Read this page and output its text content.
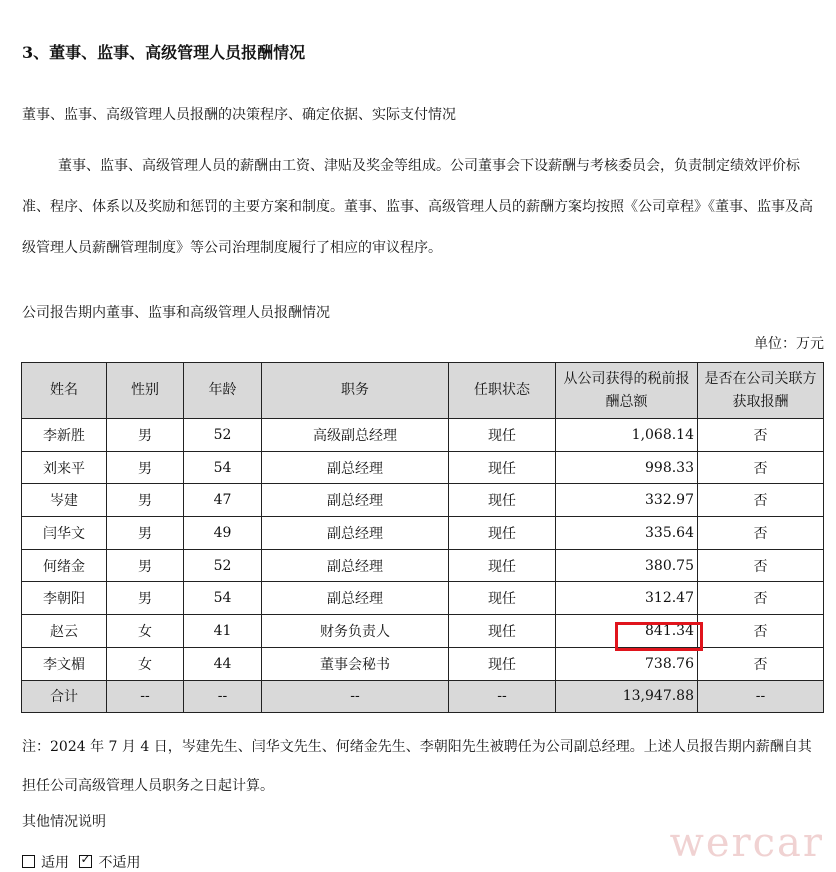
3、董事、监事、高级管理人员报酬情况
董事、监事、高级管理人员报酬的决策程序、确定依据、实际支付情况
董事、监事、高级管理人员的薪酬由工资、津贴及奖金等组成。公司董事会下设薪酬与考核委员会，负责制定绩效评价标准、程序、体系以及奖励和惩罚的主要方案和制度。董事、监事、高级管理人员的薪酬方案均按照《公司章程》《董事、监事及高级管理人员薪酬管理制度》等公司治理制度履行了相应的审议程序。
公司报告期内董事、监事和高级管理人员报酬情况
单位：万元
姓名	性别	年龄	职务	任职状态	从公司获得的税前报酬总额	是否在公司关联方获取报酬
李新胜	男	52	高级副总经理	现任	1,068.14	否
刘来平	男	54	副总经理	现任	998.33	否
岑建	男	47	副总经理	现任	332.97	否
闫华文	男	49	副总经理	现任	335.64	否
何绪金	男	52	副总经理	现任	380.75	否
李朝阳	男	54	副总经理	现任	312.47	否
赵云	女	41	财务负责人	现任	841.34	否
李文楣	女	44	董事会秘书	现任	738.76	否
合计	--	--	--	--	13,947.88	--
注：2024 年 7 月 4 日，岑建先生、闫华文先生、何绪金先生、李朝阳先生被聘任为公司副总经理。上述人员报告期内薪酬自其担任公司高级管理人员职务之日起计算。
其他情况说明
适用 ✓ 不适用	wercar
